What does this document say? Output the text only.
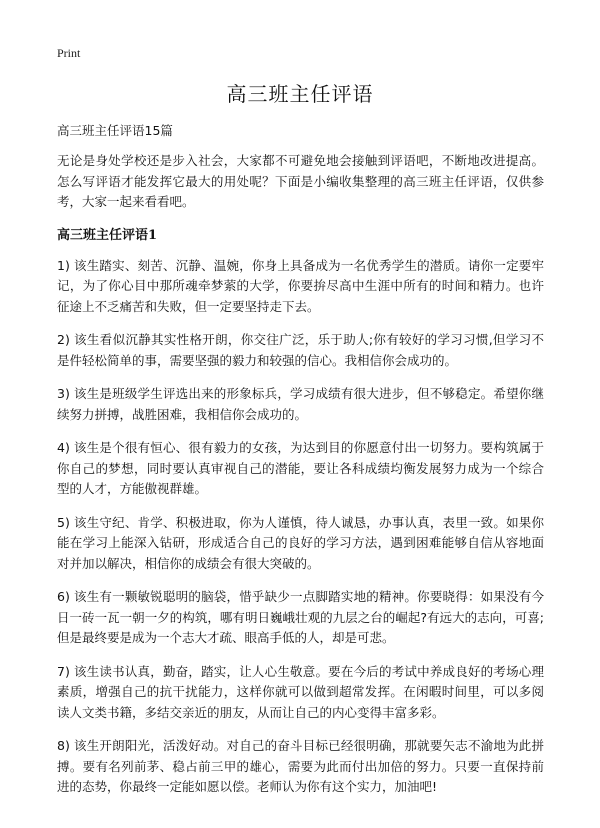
Print
高三班主任评语

高三班主任评语15篇

无论是身处学校还是步入社会，大家都不可避免地会接触到评语吧，不断地改进提高。怎么写评语才能发挥它最大的用处呢？下面是小编收集整理的高三班主任评语，仅供参考，大家一起来看看吧。

高三班主任评语1

1) 该生踏实、刻苦、沉静、温婉，你身上具备成为一名优秀学生的潜质。请你一定要牢记，为了你心目中那所魂牵梦萦的大学，你要拚尽高中生涯中所有的时间和精力。也许征途上不乏痛苦和失败，但一定要坚持走下去。

2) 该生看似沉静其实性格开朗，你交往广泛，乐于助人;你有较好的学习习惯,但学习不是件轻松简单的事，需要坚强的毅力和较强的信心。我相信你会成功的。

3) 该生是班级学生评选出来的形象标兵，学习成绩有很大进步，但不够稳定。希望你继续努力拼搏，战胜困难，我相信你会成功的。

4) 该生是个很有恒心、很有毅力的女孩，为达到目的你愿意付出一切努力。要构筑属于你自己的梦想，同时要认真审视自己的潜能，要让各科成绩均衡发展努力成为一个综合型的人才，方能傲视群雄。

5) 该生守纪、肯学、积极进取，你为人谨慎，待人诚恳，办事认真，表里一致。如果你能在学习上能深入钻研，形成适合自己的良好的学习方法，遇到困难能够自信从容地面对并加以解决，相信你的成绩会有很大突破的。

6) 该生有一颗敏锐聪明的脑袋，惜乎缺少一点脚踏实地的精神。你要晓得：如果没有今日一砖一瓦一朝一夕的构筑，哪有明日巍峨壮观的九层之台的崛起?有远大的志向，可喜;但是最终要是成为一个志大才疏、眼高手低的人，却是可悲。

7) 该生读书认真，勤奋，踏实，让人心生敬意。要在今后的考试中养成良好的考场心理素质，增强自己的抗干扰能力，这样你就可以做到超常发挥。在闲暇时间里，可以多阅读人文类书籍，多结交亲近的朋友，从而让自己的内心变得丰富多彩。

8) 该生开朗阳光，活泼好动。对自己的奋斗目标已经很明确，那就要矢志不渝地为此拼搏。要有名列前茅、稳占前三甲的雄心，需要为此而付出加倍的努力。只要一直保持前进的态势，你最终一定能如愿以偿。老师认为你有这个实力，加油吧!
